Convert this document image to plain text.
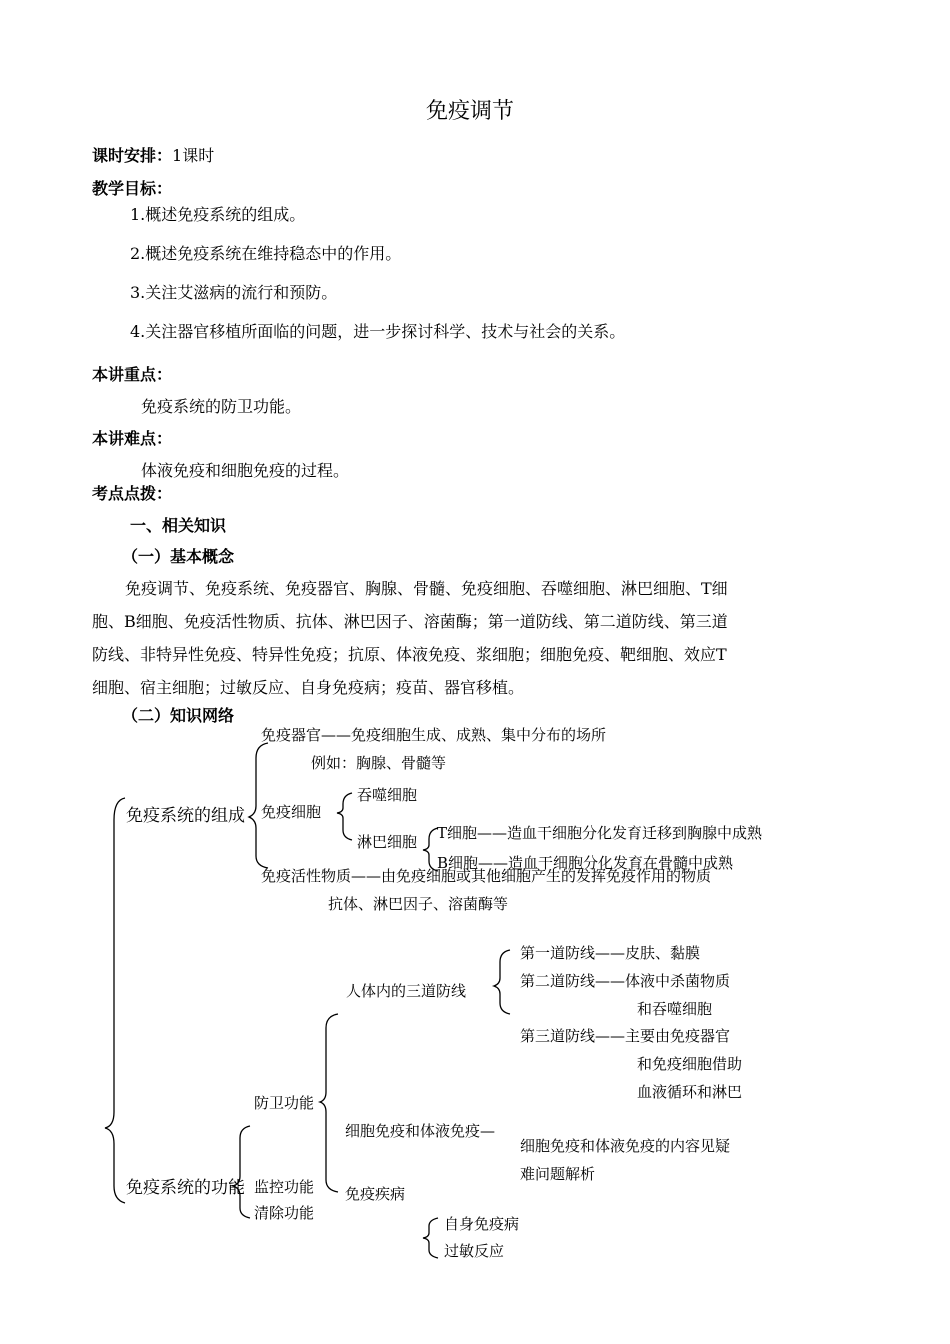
免疫调节
课时安排：1课时
教学目标：
1.概述免疫系统的组成。
2.概述免疫系统在维持稳态中的作用。
3.关注艾滋病的流行和预防。
4.关注器官移植所面临的问题，进一步探讨科学、技术与社会的关系。
本讲重点：
免疫系统的防卫功能。
本讲难点：
体液免疫和细胞免疫的过程。
考点点拨：
一、相关知识
（一）基本概念
免疫调节、免疫系统、免疫器官、胸腺、骨髓、免疫细胞、吞噬细胞、淋巴细胞、T细
胞、B细胞、免疫活性物质、抗体、淋巴因子、溶菌酶；第一道防线、第二道防线、第三道
防线、非特异性免疫、特异性免疫；抗原、体液免疫、浆细胞；细胞免疫、靶细胞、效应T
细胞、宿主细胞；过敏反应、自身免疫病；疫苗、器官移植。
（二）知识网络
免疫器官——免疫细胞生成、成熟、集中分布的场所
例如：胸腺、骨髓等
吞噬细胞
免疫系统的组成 免疫细胞
T细胞——造血干细胞分化发育迁移到胸腺中成熟
淋巴细胞
B细胞——造血干细胞分化发育在骨髓中成熟
免疫活性物质——由免疫细胞或其他细胞产生的发挥免疫作用的物质
抗体、淋巴因子、溶菌酶等
第一道防线——皮肤、黏膜
第二道防线——体液中杀菌物质
人体内的三道防线
和吞噬细胞
第三道防线——主要由免疫器官
和免疫细胞借助
血液循环和淋巴
防卫功能
细胞免疫和体液免疫—
细胞免疫和体液免疫的内容见疑
难问题解析
免疫系统的功能 监控功能 免疫疾病
清除功能
自身免疫病
过敏反应
